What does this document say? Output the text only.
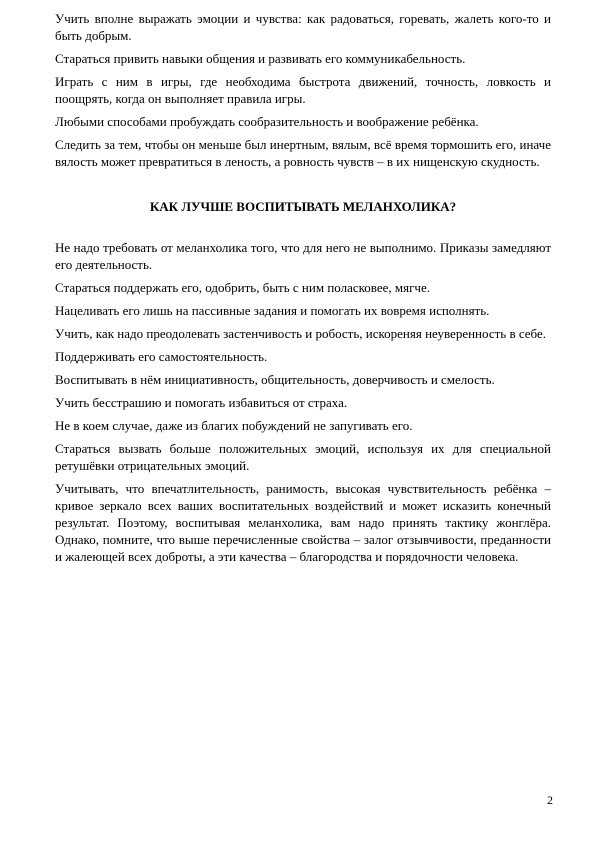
Учить вполне выражать эмоции и чувства: как радоваться, горевать, жалеть кого-то и быть добрым.

Стараться привить навыки общения и развивать его коммуникабельность.

Играть с ним в игры, где необходима быстрота движений, точность, ловкость и поощрять, когда он выполняет правила игры.

Любыми способами пробуждать сообразительность и воображение ребёнка.

Следить за тем, чтобы он меньше был инертным, вялым, всё время тормошить его, иначе вялость может превратиться в леность, а ровность чувств – в их нищенскую скудность.

КАК ЛУЧШЕ ВОСПИТЫВАТЬ МЕЛАНХОЛИКА?

Не надо требовать от меланхолика того, что для него не выполнимо. Приказы замедляют его деятельность.

Стараться поддержать его, одобрить, быть с ним поласковее, мягче.

Нацеливать его лишь на пассивные задания и помогать их вовремя исполнять.

Учить, как надо преодолевать застенчивость и робость, искореняя неуверенность в себе.

Поддерживать его самостоятельность.

Воспитывать в нём инициативность, общительность, доверчивость и смелость.

Учить бесстрашию и помогать избавиться от страха.

Не в коем случае, даже из благих побуждений не запугивать его.

Стараться вызвать больше положительных эмоций, используя их для специальной ретушёвки отрицательных эмоций.

Учитывать, что впечатлительность, ранимость, высокая чувствительность ребёнка – кривое зеркало всех ваших воспитательных воздействий и может исказить конечный результат. Поэтому, воспитывая меланхолика, вам надо принять тактику жонглёра. Однако, помните, что выше перечисленные свойства – залог отзывчивости, преданности и жалеющей всех доброты, а эти качества – благородства и порядочности человека.

2
